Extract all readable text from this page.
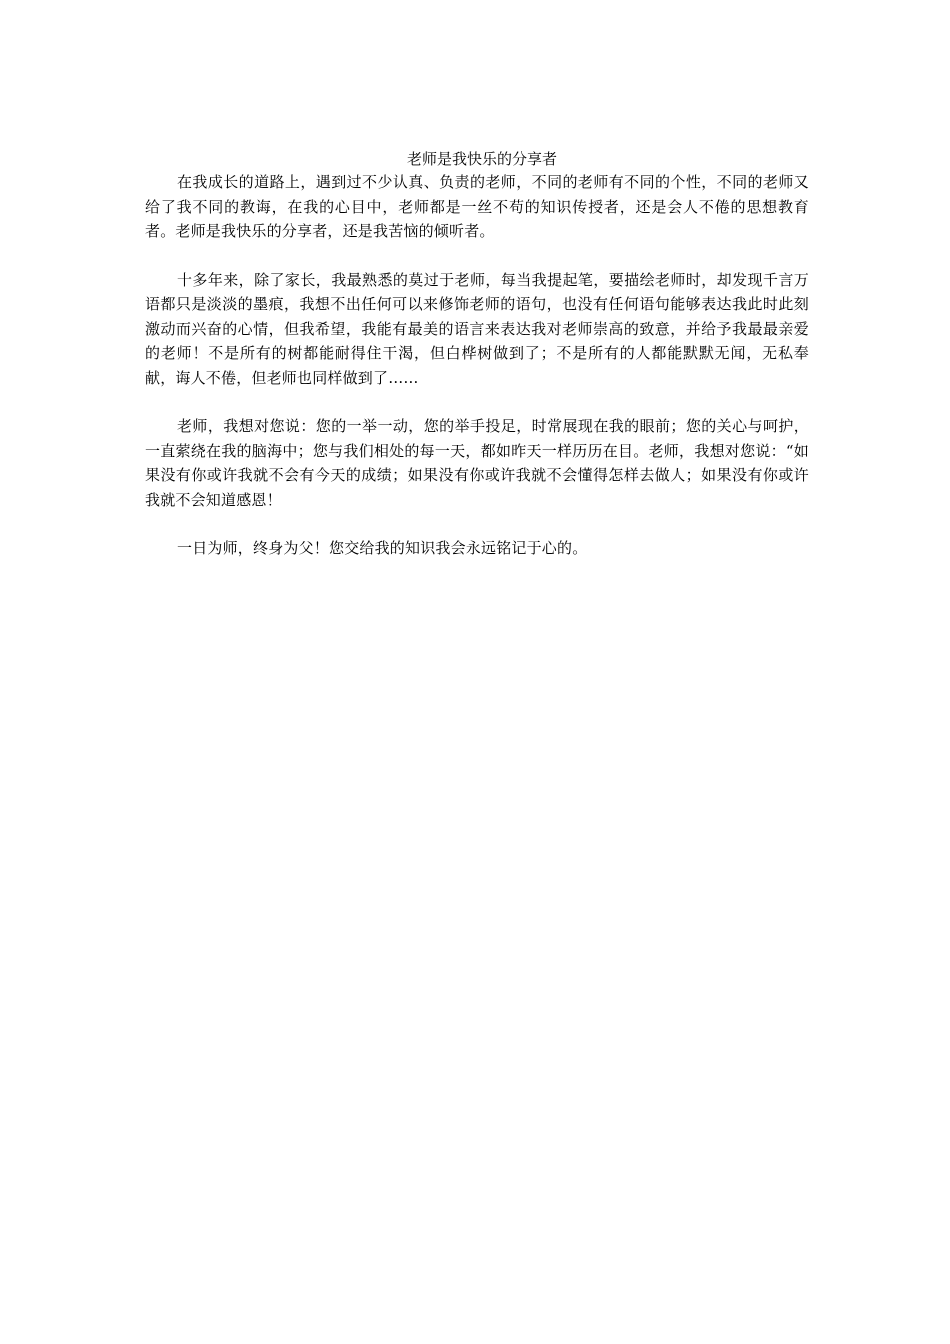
老师是我快乐的分享者

在我成长的道路上，遇到过不少认真、负责的老师，不同的老师有不同的个性，不同的老师又给了我不同的教诲，在我的心目中，老师都是一丝不苟的知识传授者，还是会人不倦的思想教育者。老师是我快乐的分享者，还是我苦恼的倾听者。

十多年来，除了家长，我最熟悉的莫过于老师，每当我提起笔，要描绘老师时，却发现千言万语都只是淡淡的墨痕，我想不出任何可以来修饰老师的语句，也没有任何语句能够表达我此时此刻激动而兴奋的心情，但我希望，我能有最美的语言来表达我对老师崇高的致意，并给予我最最亲爱的老师！不是所有的树都能耐得住干渴，但白桦树做到了；不是所有的人都能默默无闻，无私奉献，诲人不倦，但老师也同样做到了……

老师，我想对您说：您的一举一动，您的举手投足，时常展现在我的眼前；您的关心与呵护，一直萦绕在我的脑海中；您与我们相处的每一天，都如昨天一样历历在目。老师，我想对您说：“如果没有你或许我就不会有今天的成绩；如果没有你或许我就不会懂得怎样去做人；如果没有你或许我就不会知道感恩！

一日为师，终身为父！您交给我的知识我会永远铭记于心的。
